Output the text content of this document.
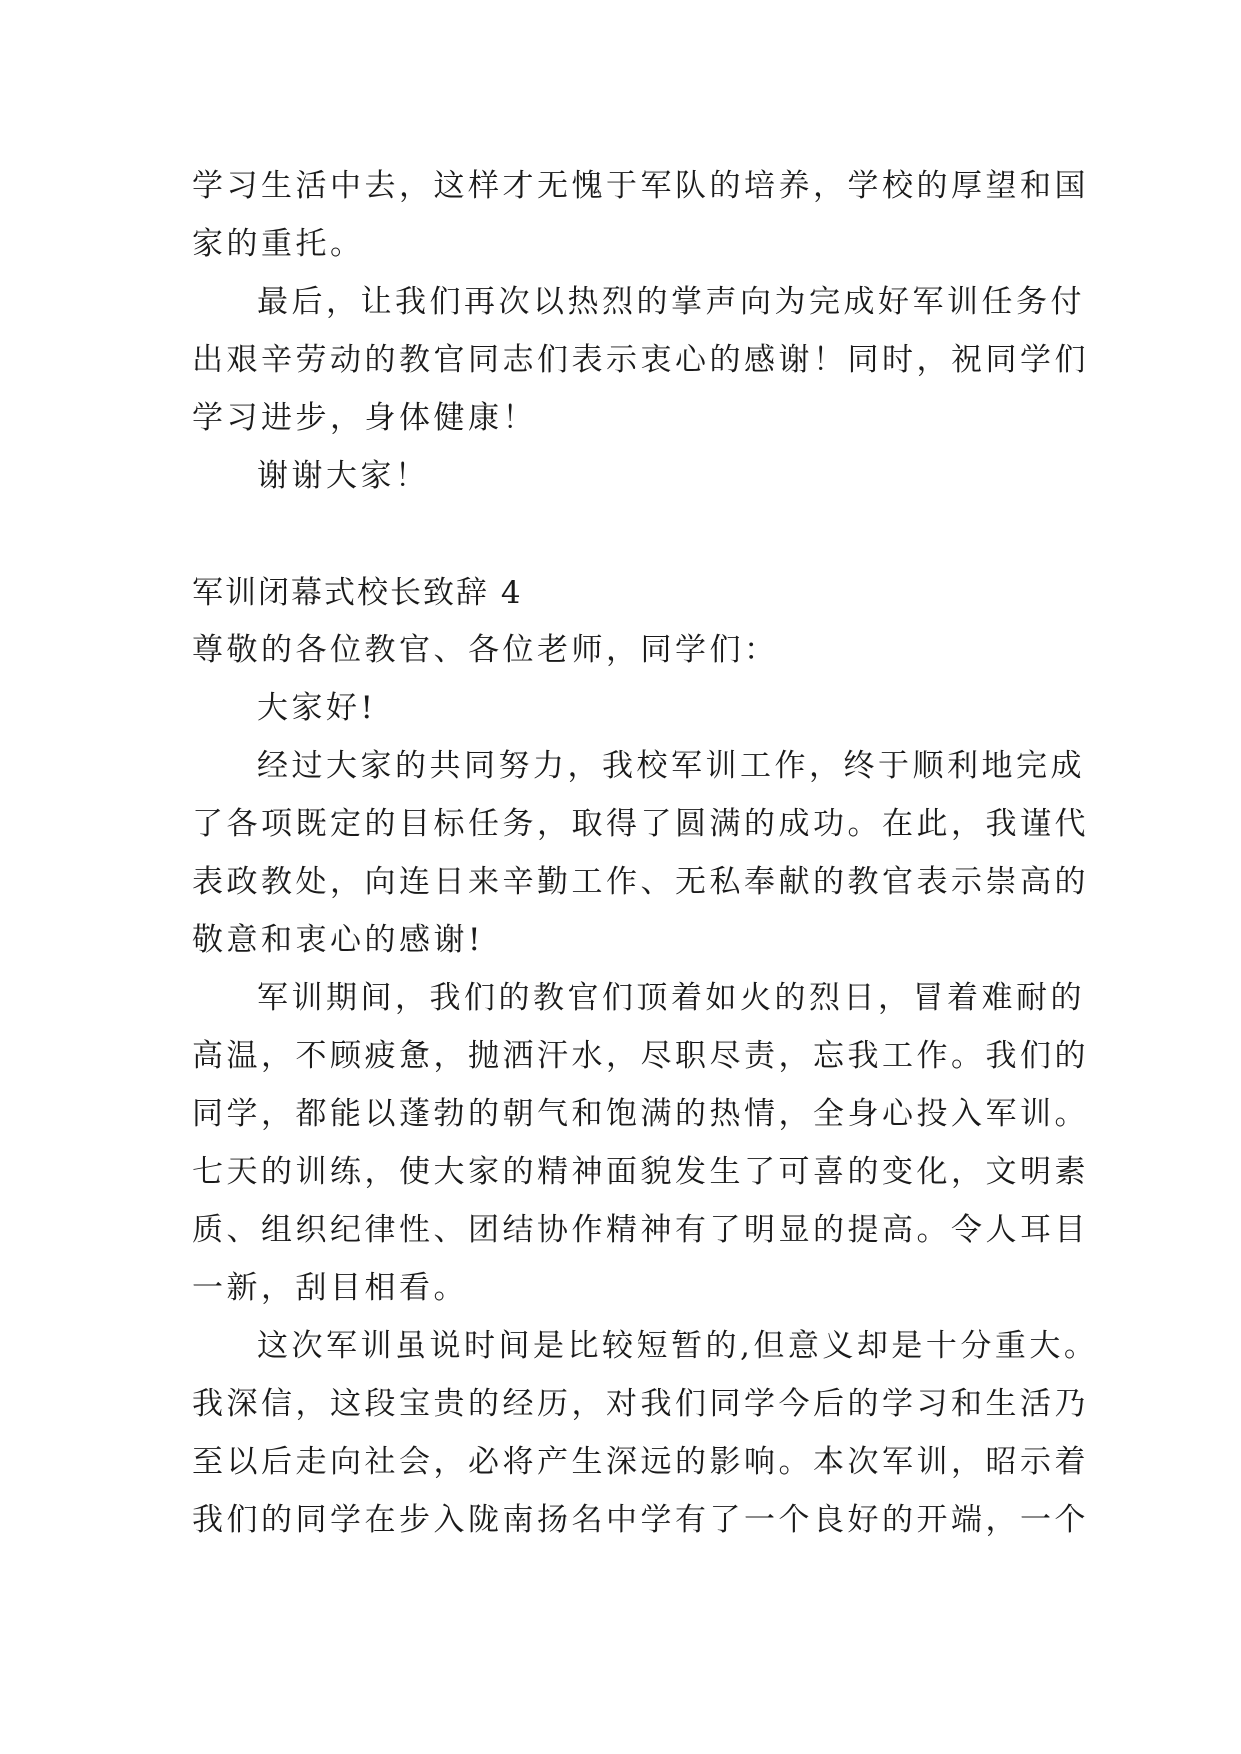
学习生活中去，这样才无愧于军队的培养，学校的厚望和国
家的重托。
最后，让我们再次以热烈的掌声向为完成好军训任务付
出艰辛劳动的教官同志们表示衷心的感谢！同时，祝同学们
学习进步，身体健康！
谢谢大家！
军训闭幕式校长致辞 4
尊敬的各位教官、各位老师，同学们：
大家好!
经过大家的共同努力，我校军训工作，终于顺利地完成
了各项既定的目标任务，取得了圆满的成功。在此，我谨代
表政教处，向连日来辛勤工作、无私奉献的教官表示崇高的
敬意和衷心的感谢!
军训期间，我们的教官们顶着如火的烈日，冒着难耐的
高温，不顾疲惫，抛洒汗水，尽职尽责，忘我工作。我们的
同学，都能以蓬勃的朝气和饱满的热情，全身心投入军训。
七天的训练，使大家的精神面貌发生了可喜的变化，文明素
质、组织纪律性、团结协作精神有了明显的提高。令人耳目
一新，刮目相看。
这次军训虽说时间是比较短暂的,但意义却是十分重大。
我深信，这段宝贵的经历，对我们同学今后的学习和生活乃
至以后走向社会，必将产生深远的影响。本次军训，昭示着
我们的同学在步入陇南扬名中学有了一个良好的开端，一个
